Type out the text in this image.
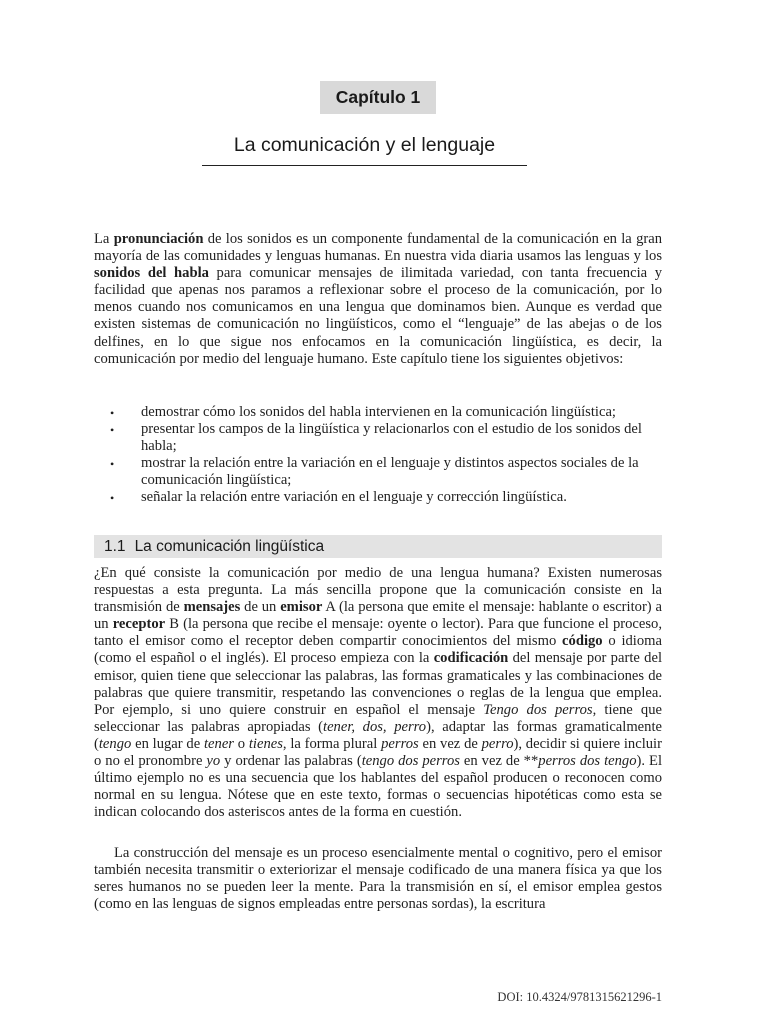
Capítulo 1
La comunicación y el lenguaje

La pronunciación de los sonidos es un componente fundamental de la comunicación en la gran mayoría de las comunidades y lenguas humanas. En nuestra vida diaria usamos las lenguas y los sonidos del habla para comunicar mensajes de ilimitada variedad, con tanta frecuencia y facilidad que apenas nos paramos a reflexionar sobre el proceso de la comunicación, por lo menos cuando nos comunicamos en una lengua que dominamos bien. Aunque es verdad que existen sistemas de comunicación no lingüísticos, como el “lenguaje” de las abejas o de los delfines, en lo que sigue nos enfocamos en la comunicación lingüística, es decir, la comunicación por medio del lenguaje humano. Este capítulo tiene los siguientes objetivos:

• demostrar cómo los sonidos del habla intervienen en la comunicación lingüística;
• presentar los campos de la lingüística y relacionarlos con el estudio de los sonidos del habla;
• mostrar la relación entre la variación en el lenguaje y distintos aspectos sociales de la comunicación lingüística;
• señalar la relación entre variación en el lenguaje y corrección lingüística.
1.1 La comunicación lingüística

¿En qué consiste la comunicación por medio de una lengua humana? Existen numerosas respuestas a esta pregunta. La más sencilla propone que la comunicación consiste en la transmisión de mensajes de un emisor A (la persona que emite el mensaje: hablante o escritor) a un receptor B (la persona que recibe el mensaje: oyente o lector). Para que funcione el proceso, tanto el emisor como el receptor deben compartir conocimientos del mismo código o idioma (como el español o el inglés). El proceso empieza con la codificación del mensaje por parte del emisor, quien tiene que seleccionar las palabras, las formas gramaticales y las combinaciones de palabras que quiere transmitir, respetando las convenciones o reglas de la lengua que emplea. Por ejemplo, si uno quiere construir en español el mensaje Tengo dos perros, tiene que seleccionar las palabras apropiadas (tener, dos, perro), adaptar las formas gramaticalmente (tengo en lugar de tener o tienes, la forma plural perros en vez de perro), decidir si quiere incluir o no el pronombre yo y ordenar las palabras (tengo dos perros en vez de **perros dos tengo). El último ejemplo no es una secuencia que los hablantes del español producen o reconocen como normal en su lengua. Nótese que en este texto, formas o secuencias hipotéticas como esta se indican colocando dos asteriscos antes de la forma en cuestión.

La construcción del mensaje es un proceso esencialmente mental o cognitivo, pero el emisor también necesita transmitir o exteriorizar el mensaje codificado de una manera física ya que los seres humanos no se pueden leer la mente. Para la transmisión en sí, el emisor emplea gestos (como en las lenguas de signos empleadas entre personas sordas), la escritura

DOI: 10.4324/9781315621296-1
